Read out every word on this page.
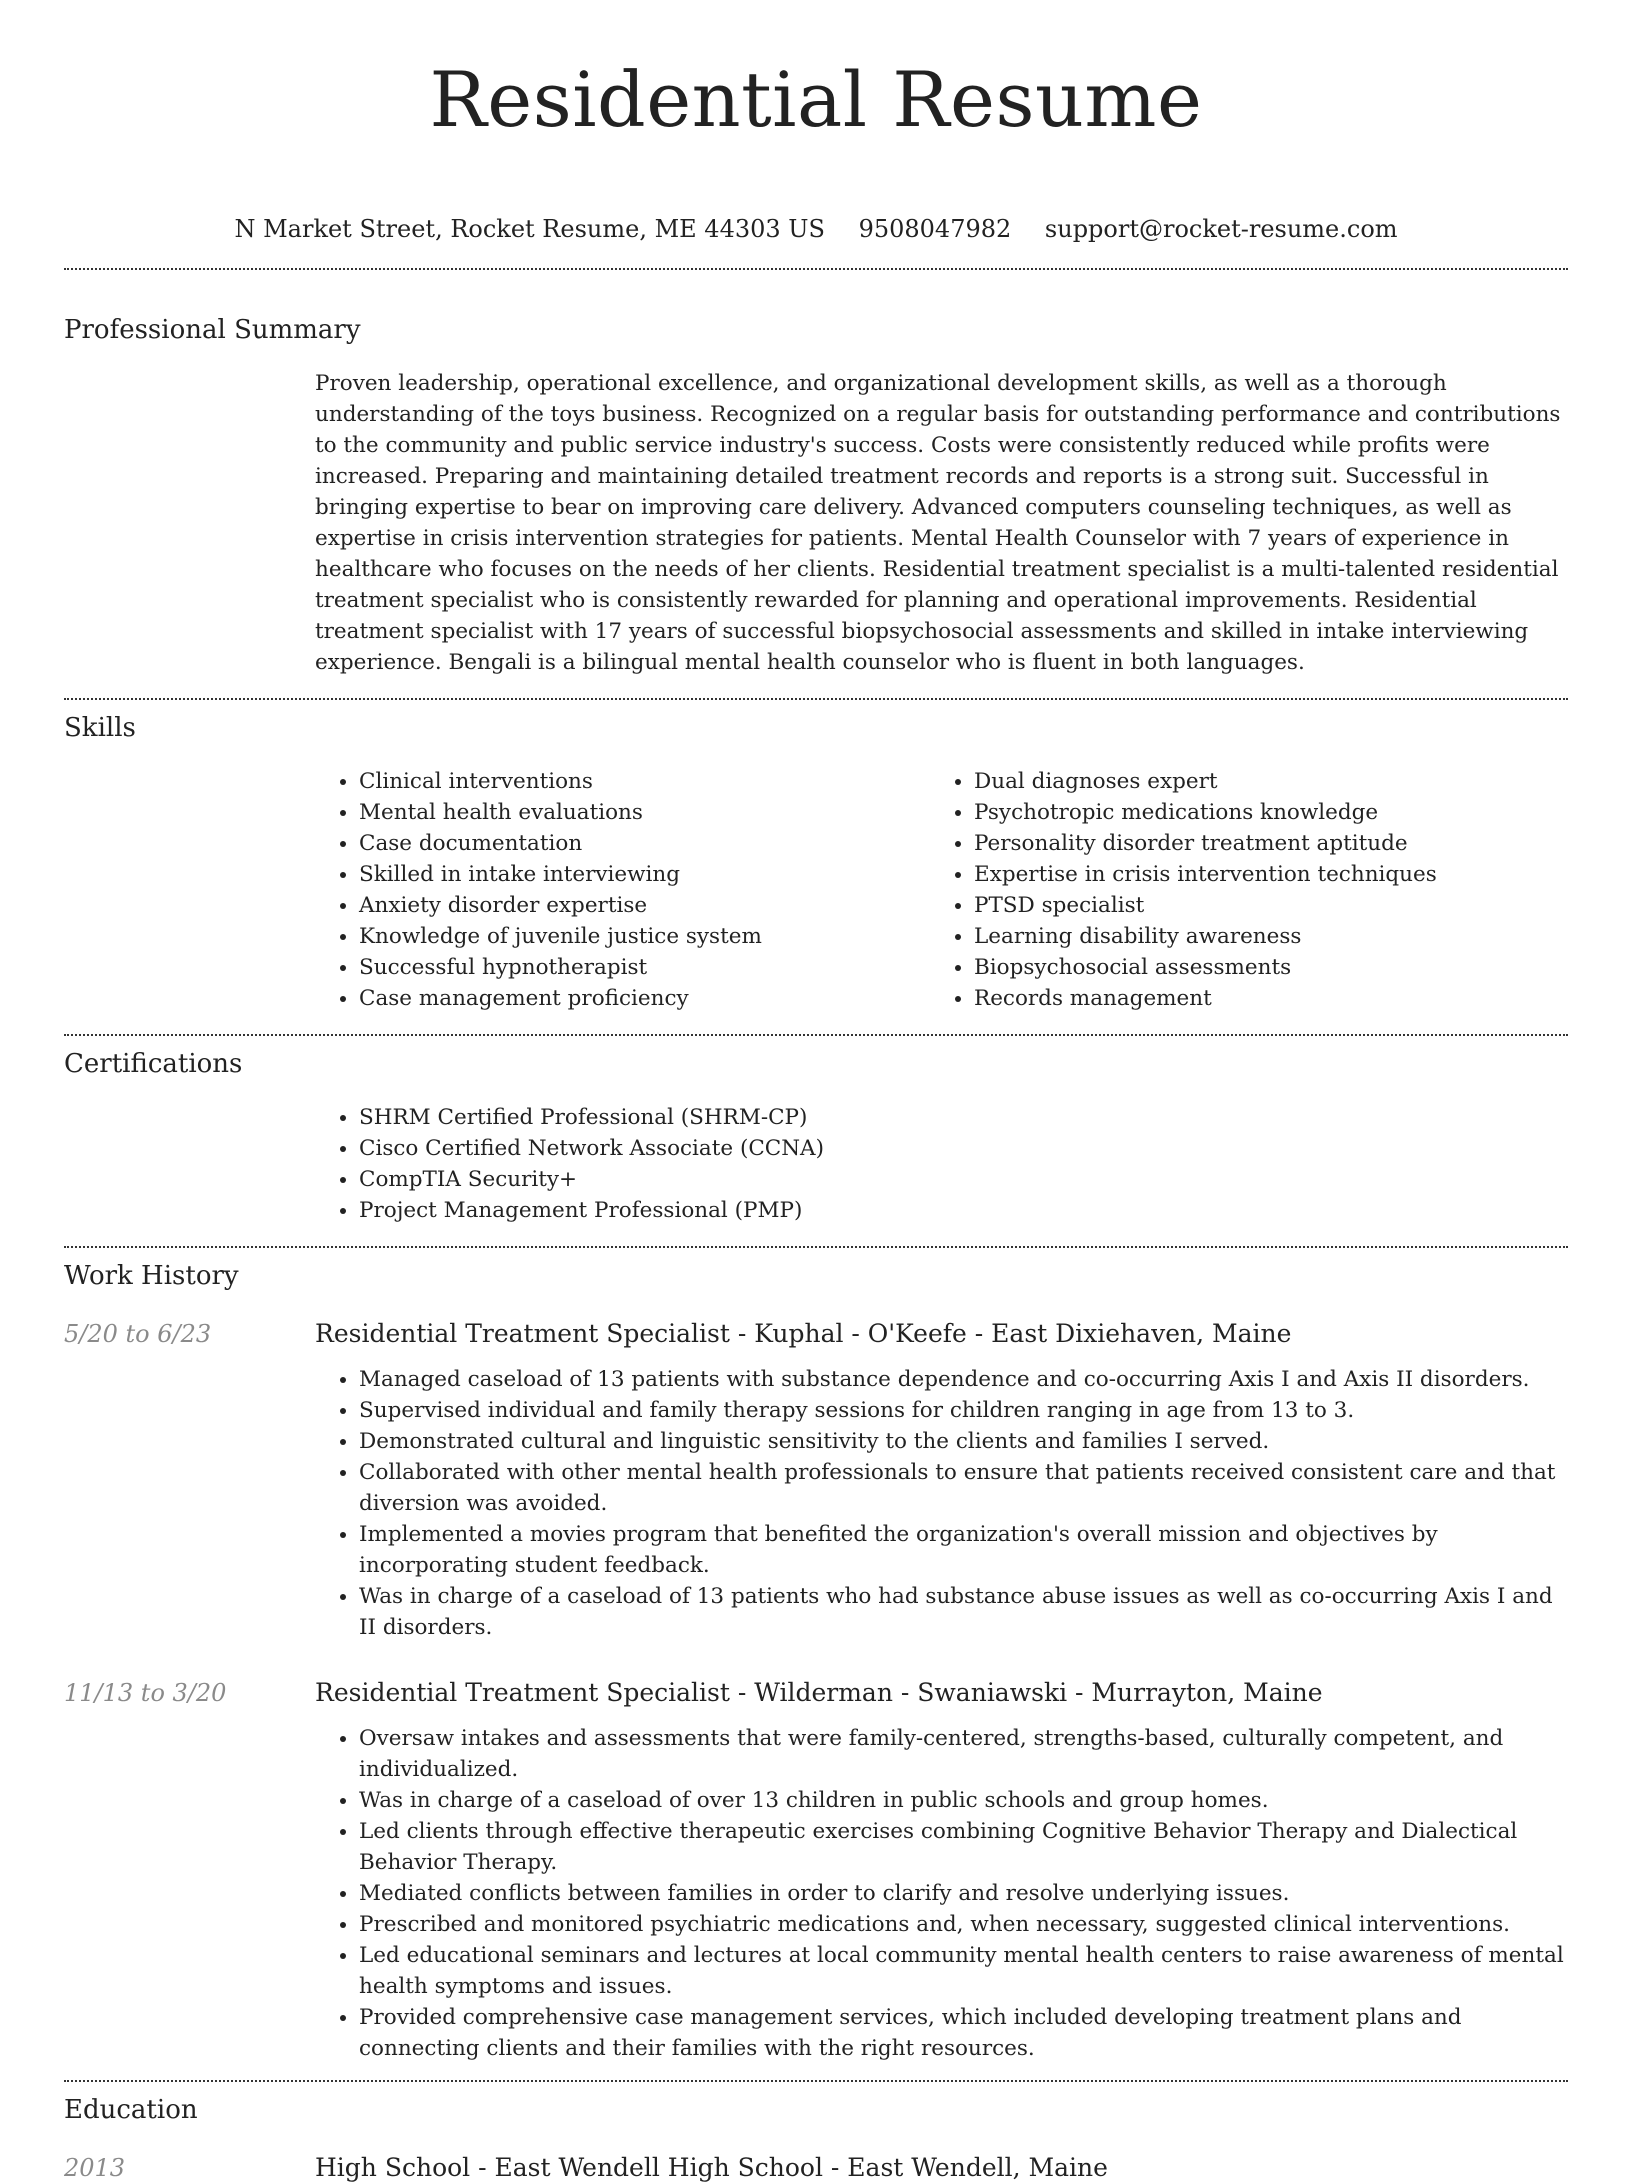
Residential Resume
N Market Street, Rocket Resume, ME 44303 US 9508047982 support@rocket-resume.com
Professional Summary
Proven leadership, operational excellence, and organizational development skills, as well as a thorough understanding of the toys business. Recognized on a regular basis for outstanding performance and contributions to the community and public service industry's success. Costs were consistently reduced while profits were increased. Preparing and maintaining detailed treatment records and reports is a strong suit. Successful in bringing expertise to bear on improving care delivery. Advanced computers counseling techniques, as well as expertise in crisis intervention strategies for patients. Mental Health Counselor with 7 years of experience in healthcare who focuses on the needs of her clients. Residential treatment specialist is a multi-talented residential treatment specialist who is consistently rewarded for planning and operational improvements. Residential treatment specialist with 17 years of successful biopsychosocial assessments and skilled in intake interviewing experience. Bengali is a bilingual mental health counselor who is fluent in both languages.
Skills
• Clinical interventions
• Mental health evaluations
• Case documentation
• Skilled in intake interviewing
• Anxiety disorder expertise
• Knowledge of juvenile justice system
• Successful hypnotherapist
• Case management proficiency
• Dual diagnoses expert
• Psychotropic medications knowledge
• Personality disorder treatment aptitude
• Expertise in crisis intervention techniques
• PTSD specialist
• Learning disability awareness
• Biopsychosocial assessments
• Records management
Certifications
• SHRM Certified Professional (SHRM-CP)
• Cisco Certified Network Associate (CCNA)
• CompTIA Security+
• Project Management Professional (PMP)
Work History
5/20 to 6/23	Residential Treatment Specialist - Kuphal - O'Keefe - East Dixiehaven, Maine
• Managed caseload of 13 patients with substance dependence and co-occurring Axis I and Axis II disorders.
• Supervised individual and family therapy sessions for children ranging in age from 13 to 3.
• Demonstrated cultural and linguistic sensitivity to the clients and families I served.
• Collaborated with other mental health professionals to ensure that patients received consistent care and that diversion was avoided.
• Implemented a movies program that benefited the organization's overall mission and objectives by incorporating student feedback.
• Was in charge of a caseload of 13 patients who had substance abuse issues as well as co-occurring Axis I and II disorders.
11/13 to 3/20	Residential Treatment Specialist - Wilderman - Swaniawski - Murrayton, Maine
• Oversaw intakes and assessments that were family-centered, strengths-based, culturally competent, and individualized.
• Was in charge of a caseload of over 13 children in public schools and group homes.
• Led clients through effective therapeutic exercises combining Cognitive Behavior Therapy and Dialectical Behavior Therapy.
• Mediated conflicts between families in order to clarify and resolve underlying issues.
• Prescribed and monitored psychiatric medications and, when necessary, suggested clinical interventions.
• Led educational seminars and lectures at local community mental health centers to raise awareness of mental health symptoms and issues.
• Provided comprehensive case management services, which included developing treatment plans and connecting clients and their families with the right resources.
Education
2013	High School - East Wendell High School - East Wendell, Maine
